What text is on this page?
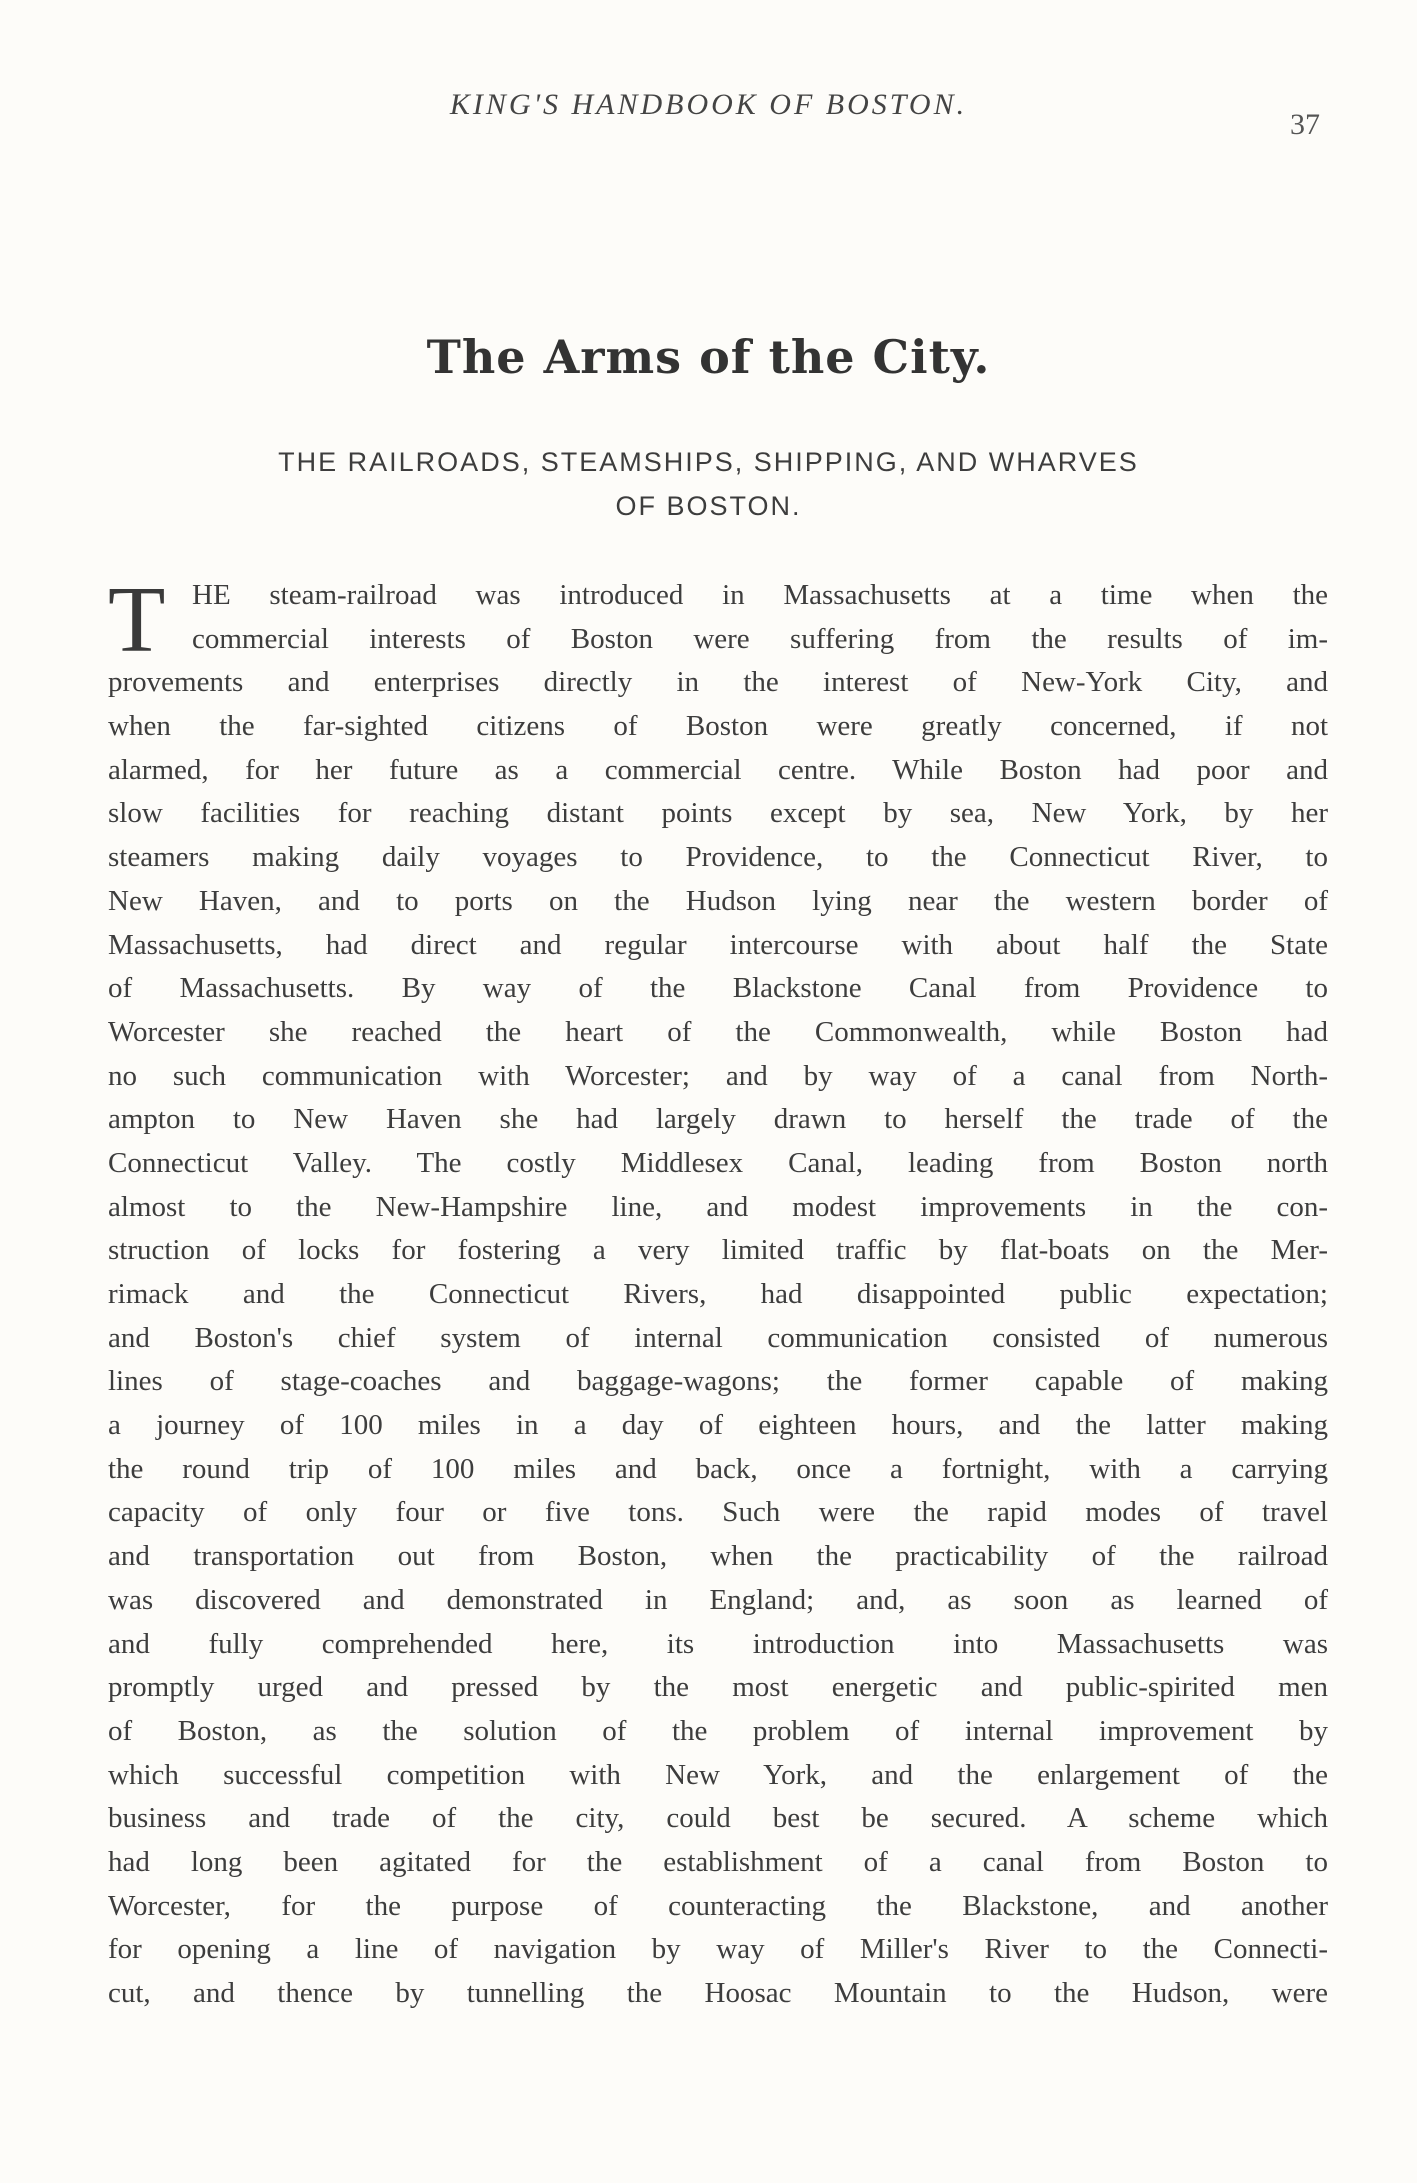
KING'S HANDBOOK OF BOSTON.
37
The Arms of the City.
THE RAILROADS, STEAMSHIPS, SHIPPING, AND WHARVES
OF BOSTON.
T HE steam-railroad was introduced in Massachusetts at a time when the
commercial interests of Boston were suffering from the results of im-
provements and enterprises directly in the interest of New-York City, and
when the far-sighted citizens of Boston were greatly concerned, if not
alarmed, for her future as a commercial centre. While Boston had poor and
slow facilities for reaching distant points except by sea, New York, by her
steamers making daily voyages to Providence, to the Connecticut River, to
New Haven, and to ports on the Hudson lying near the western border of
Massachusetts, had direct and regular intercourse with about half the State
of Massachusetts. By way of the Blackstone Canal from Providence to
Worcester she reached the heart of the Commonwealth, while Boston had
no such communication with Worcester; and by way of a canal from North-
ampton to New Haven she had largely drawn to herself the trade of the
Connecticut Valley. The costly Middlesex Canal, leading from Boston north
almost to the New-Hampshire line, and modest improvements in the con-
struction of locks for fostering a very limited traffic by flat-boats on the Mer-
rimack and the Connecticut Rivers, had disappointed public expectation;
and Boston's chief system of internal communication consisted of numerous
lines of stage-coaches and baggage-wagons; the former capable of making
a journey of 100 miles in a day of eighteen hours, and the latter making
the round trip of 100 miles and back, once a fortnight, with a carrying
capacity of only four or five tons. Such were the rapid modes of travel
and transportation out from Boston, when the practicability of the railroad
was discovered and demonstrated in England; and, as soon as learned of
and fully comprehended here, its introduction into Massachusetts was
promptly urged and pressed by the most energetic and public-spirited men
of Boston, as the solution of the problem of internal improvement by
which successful competition with New York, and the enlargement of the
business and trade of the city, could best be secured. A scheme which
had long been agitated for the establishment of a canal from Boston to
Worcester, for the purpose of counteracting the Blackstone, and another
for opening a line of navigation by way of Miller's River to the Connecti-
cut, and thence by tunnelling the Hoosac Mountain to the Hudson, were
